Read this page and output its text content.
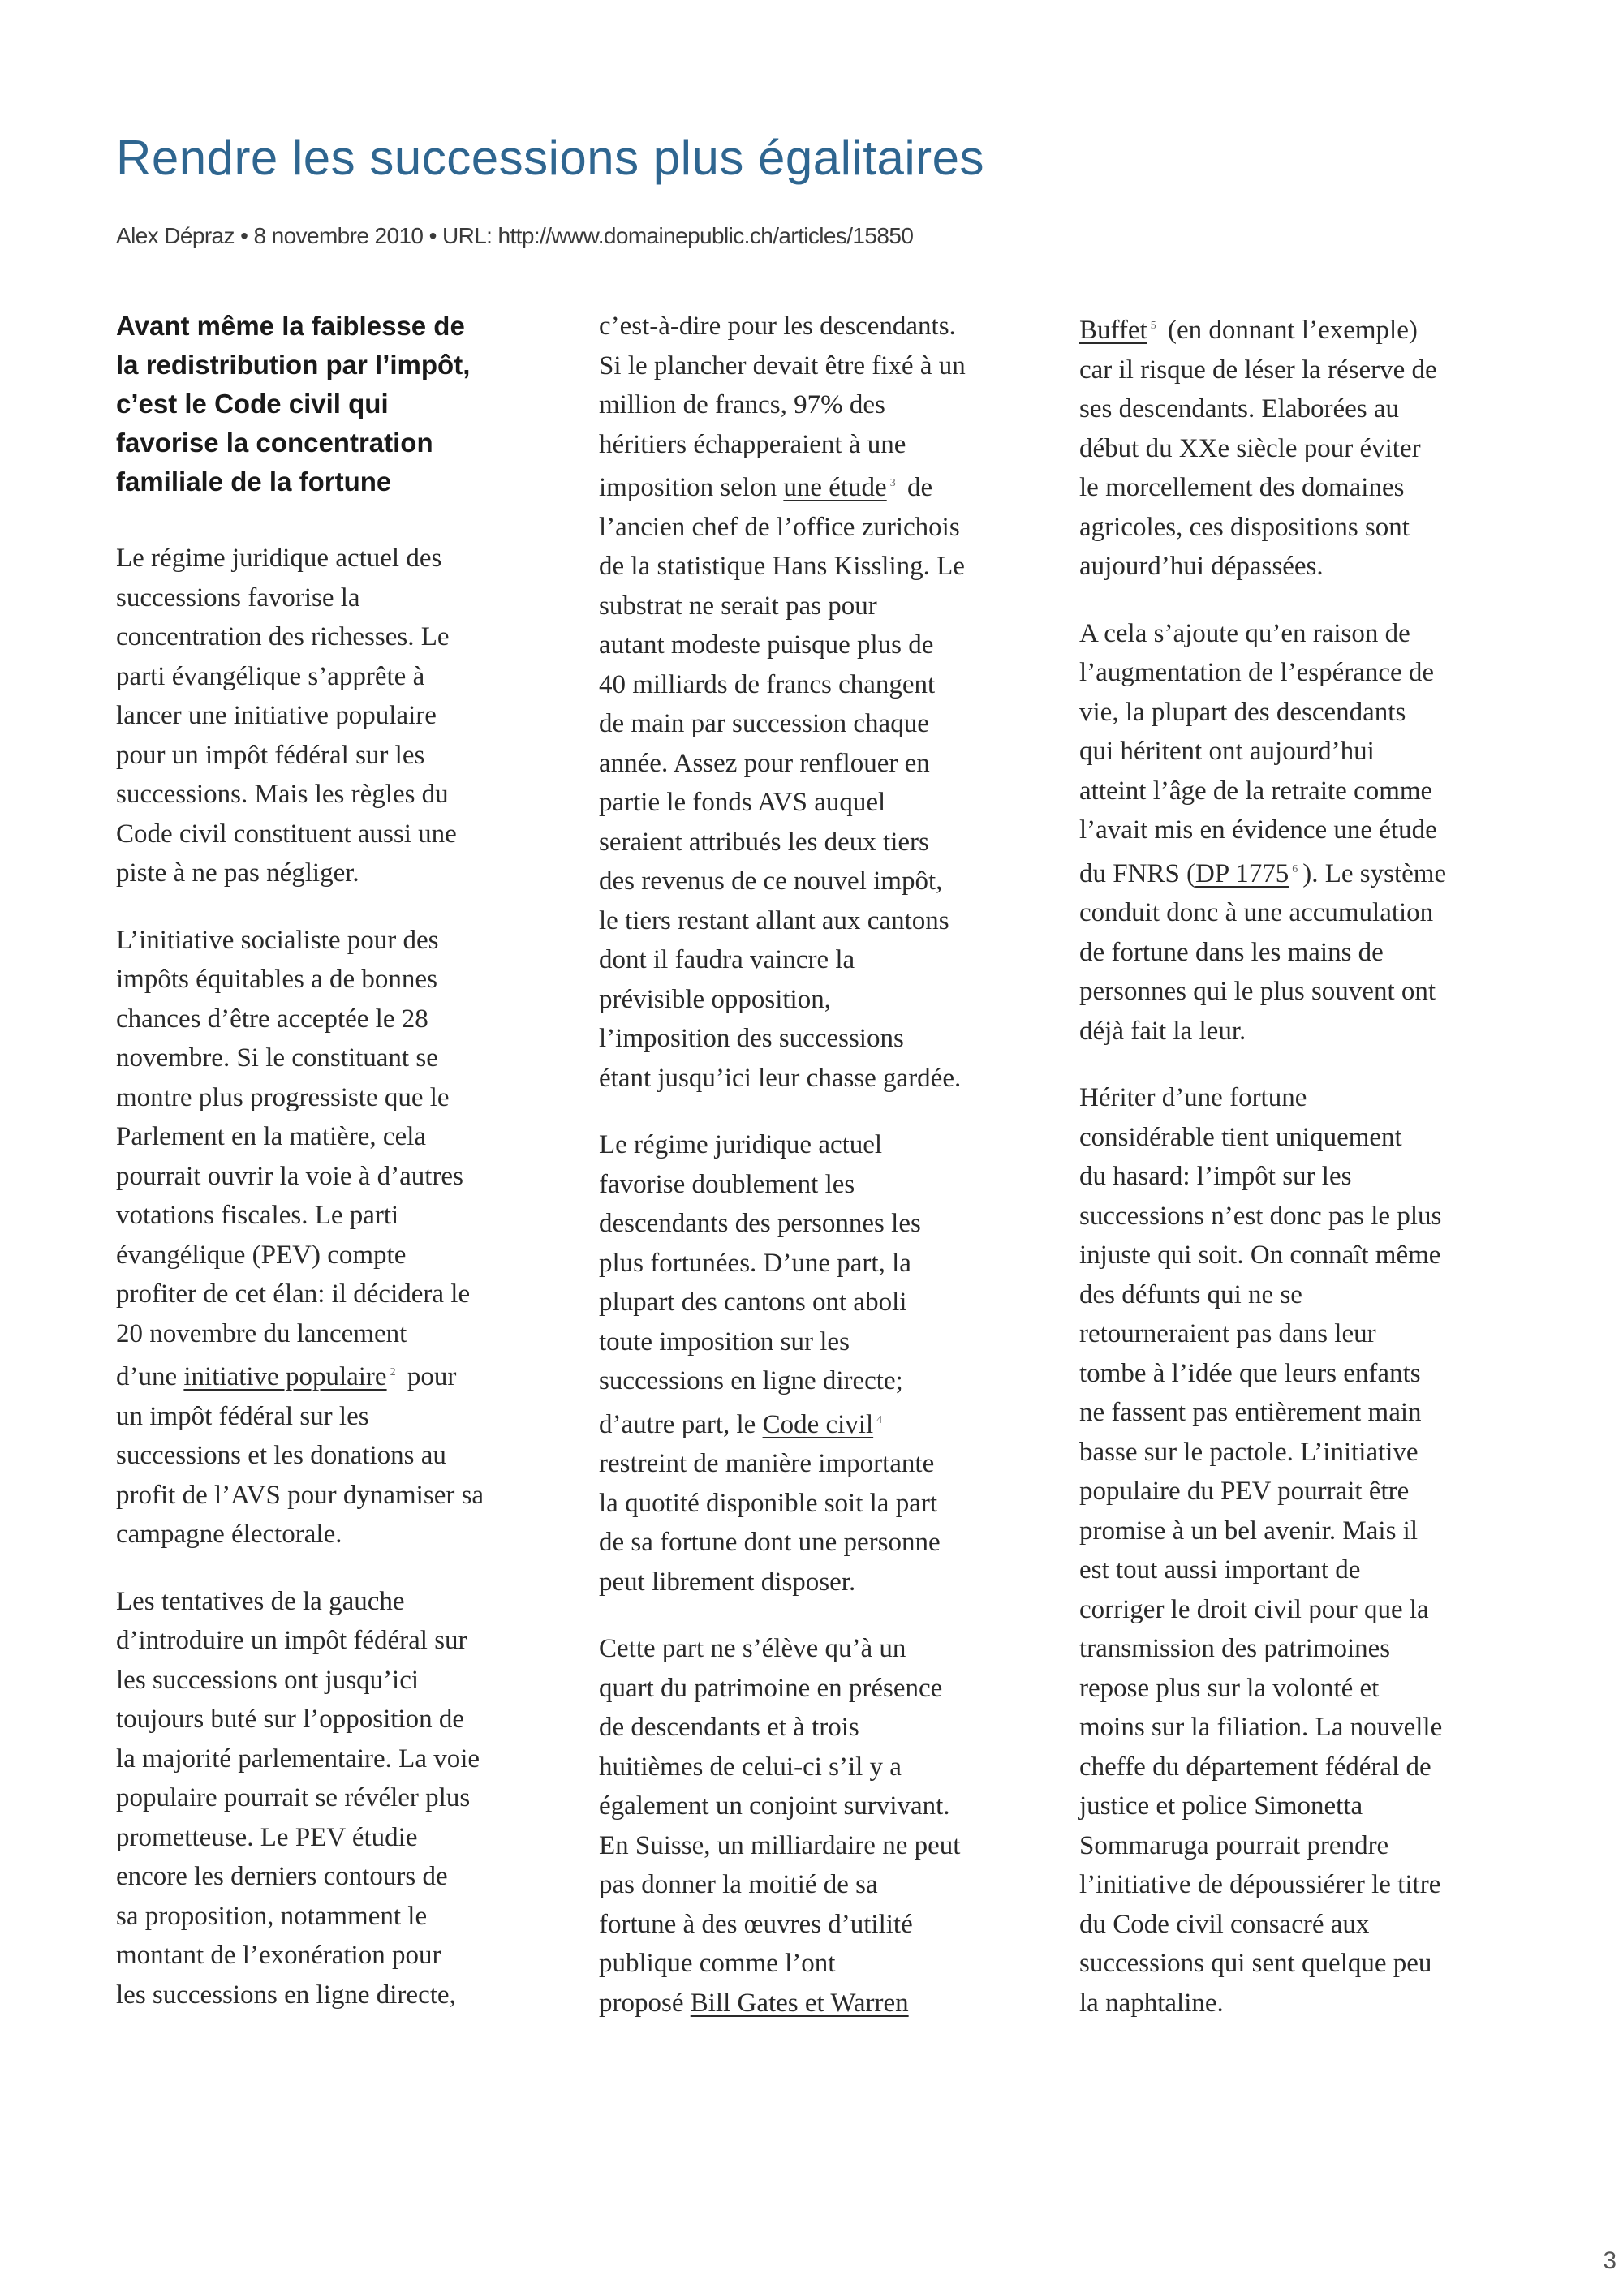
Rendre les successions plus égalitaires
Alex Dépraz • 8 novembre 2010 • URL: http://www.domainepublic.ch/articles/15850
Avant même la faiblesse de
la redistribution par l’impôt,
c’est le Code civil qui
favorise la concentration
familiale de la fortune
Le régime juridique actuel des
successions favorise la
concentration des richesses. Le
parti évangélique s’apprête à
lancer une initiative populaire
pour un impôt fédéral sur les
successions. Mais les règles du
Code civil constituent aussi une
piste à ne pas négliger.
L’initiative socialiste pour des
impôts équitables a de bonnes
chances d’être acceptée le 28
novembre. Si le constituant se
montre plus progressiste que le
Parlement en la matière, cela
pourrait ouvrir la voie à d’autres
votations fiscales. Le parti
évangélique (PEV) compte
profiter de cet élan: il décidera le
20 novembre du lancement
d’une initiative populaire $^2$ pour
un impôt fédéral sur les
successions et les donations au
profit de l’AVS pour dynamiser sa
campagne électorale.
Les tentatives de la gauche
d’introduire un impôt fédéral sur
les successions ont jusqu’ici
toujours buté sur l’opposition de
la majorité parlementaire. La voie
populaire pourrait se révéler plus
prometteuse. Le PEV étudie
encore les derniers contours de
sa proposition, notamment le
montant de l’exonération pour
les successions en ligne directe,
c’est-à-dire pour les descendants.
Si le plancher devait être fixé à un
million de francs, 97% des
héritiers échapperaient à une
imposition selon une étude $^3$ de
l’ancien chef de l’office zurichois
de la statistique Hans Kissling. Le
substrat ne serait pas pour
autant modeste puisque plus de
40 milliards de francs changent
de main par succession chaque
année. Assez pour renflouer en
partie le fonds AVS auquel
seraient attribués les deux tiers
des revenus de ce nouvel impôt,
le tiers restant allant aux cantons
dont il faudra vaincre la
prévisible opposition,
l’imposition des successions
étant jusqu’ici leur chasse gardée.
Le régime juridique actuel
favorise doublement les
descendants des personnes les
plus fortunées. D’une part, la
plupart des cantons ont aboli
toute imposition sur les
successions en ligne directe;
d’autre part, le Code civil $^4$
restreint de manière importante
la quotité disponible soit la part
de sa fortune dont une personne
peut librement disposer.
Cette part ne s’élève qu’à un
quart du patrimoine en présence
de descendants et à trois
huitièmes de celui-ci s’il y a
également un conjoint survivant.
En Suisse, un milliardaire ne peut
pas donner la moitié de sa
fortune à des œuvres d’utilité
publique comme l’ont
proposé Bill Gates et Warren
Buffet $^5$ (en donnant l’exemple)
car il risque de léser la réserve de
ses descendants. Elaborées au
début du XXe siècle pour éviter
le morcellement des domaines
agricoles, ces dispositions sont
aujourd’hui dépassées.
A cela s’ajoute qu’en raison de
l’augmentation de l’espérance de
vie, la plupart des descendants
qui héritent ont aujourd’hui
atteint l’âge de la retraite comme
l’avait mis en évidence une étude
du FNRS (DP 1775 $^6$ ). Le système
conduit donc à une accumulation
de fortune dans les mains de
personnes qui le plus souvent ont
déjà fait la leur.
Hériter d’une fortune
considérable tient uniquement
du hasard: l’impôt sur les
successions n’est donc pas le plus
injuste qui soit. On connaît même
des défunts qui ne se
retourneraient pas dans leur
tombe à l’idée que leurs enfants
ne fassent pas entièrement main
basse sur le pactole. L’initiative
populaire du PEV pourrait être
promise à un bel avenir. Mais il
est tout aussi important de
corriger le droit civil pour que la
transmission des patrimoines
repose plus sur la volonté et
moins sur la filiation. La nouvelle
cheffe du département fédéral de
justice et police Simonetta
Sommaruga pourrait prendre
l’initiative de dépoussiérer le titre
du Code civil consacré aux
successions qui sent quelque peu
la naphtaline.
3
